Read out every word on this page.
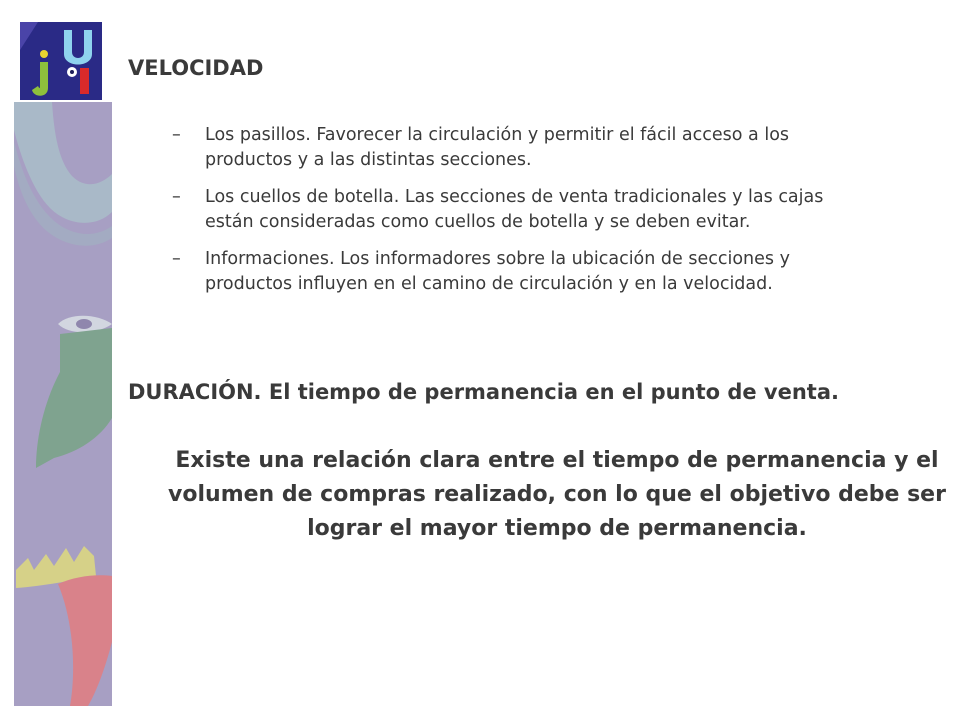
VELOCIDAD
– Los pasillos. Favorecer la circulación y permitir el fácil acceso a los
productos y a las distintas secciones.
– Los cuellos de botella. Las secciones de venta tradicionales y las cajas
están consideradas como cuellos de botella y se deben evitar.
– Informaciones. Los informadores sobre la ubicación de secciones y
productos influyen en el camino de circulación y en la velocidad.

DURACIÓN. El tiempo de permanencia en el punto de venta.

Existe una relación clara entre el tiempo de permanencia y el
volumen de compras realizado, con lo que el objetivo debe ser
lograr el mayor tiempo de permanencia.
